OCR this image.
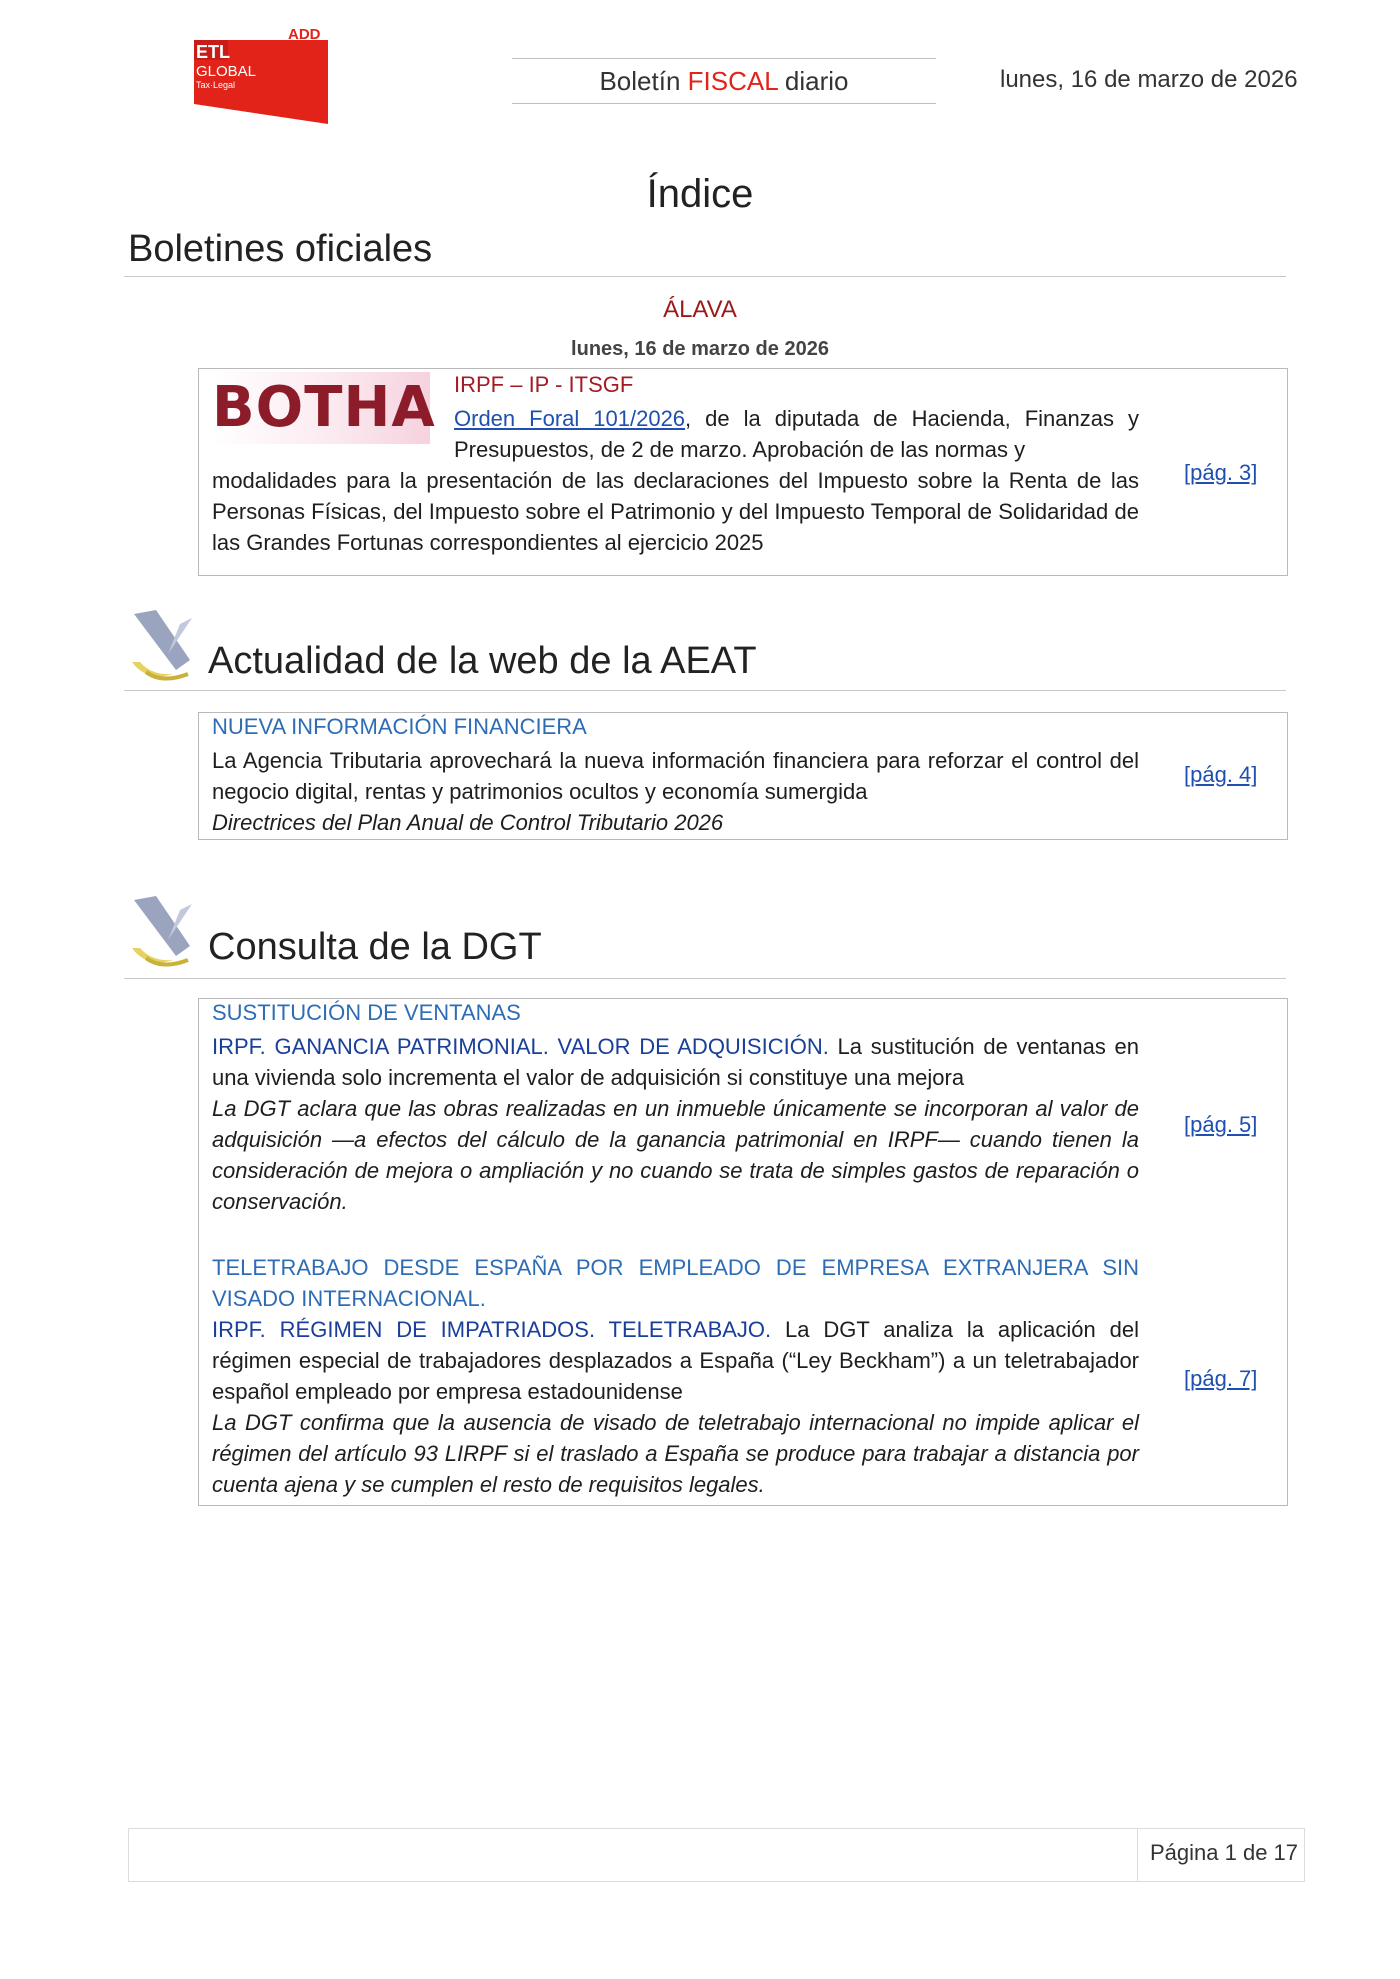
ADD
ETL
GLOBAL
Tax·Legal	Boletín FISCAL diario	lunes, 16 de marzo de 2026
Índice
Boletines oficiales
ÁLAVA
lunes, 16 de marzo de 2026
BOTHA IRPF – IP - ITSGF
Orden Foral 101/2026, de la diputada de Hacienda, Finanzas y Presupuestos, de 2 de marzo. Aprobación de las normas y
modalidades para la presentación de las declaraciones del Impuesto sobre la Renta de las Personas Físicas, del Impuesto sobre el Patrimonio y del Impuesto Temporal de Solidaridad de las Grandes Fortunas correspondientes al ejercicio 2025
[pág. 3]
Actualidad de la web de la AEAT
NUEVA INFORMACIÓN FINANCIERA
La Agencia Tributaria aprovechará la nueva información financiera para reforzar el control del negocio digital, rentas y patrimonios ocultos y economía sumergida
Directrices del Plan Anual de Control Tributario 2026
[pág. 4]
Consulta de la DGT
SUSTITUCIÓN DE VENTANAS
IRPF. GANANCIA PATRIMONIAL. VALOR DE ADQUISICIÓN. La sustitución de ventanas en una vivienda solo incrementa el valor de adquisición si constituye una mejora
La DGT aclara que las obras realizadas en un inmueble únicamente se incorporan al valor de adquisición —a efectos del cálculo de la ganancia patrimonial en IRPF— cuando tienen la consideración de mejora o ampliación y no cuando se trata de simples gastos de reparación o conservación.
[pág. 5]
TELETRABAJO DESDE ESPAÑA POR EMPLEADO DE EMPRESA EXTRANJERA SIN VISADO INTERNACIONAL.
IRPF. RÉGIMEN DE IMPATRIADOS. TELETRABAJO. La DGT analiza la aplicación del régimen especial de trabajadores desplazados a España (“Ley Beckham”) a un teletrabajador español empleado por empresa estadounidense
La DGT confirma que la ausencia de visado de teletrabajo internacional no impide aplicar el régimen del artículo 93 LIRPF si el traslado a España se produce para trabajar a distancia por cuenta ajena y se cumplen el resto de requisitos legales.
[pág. 7]
Página 1 de 17
